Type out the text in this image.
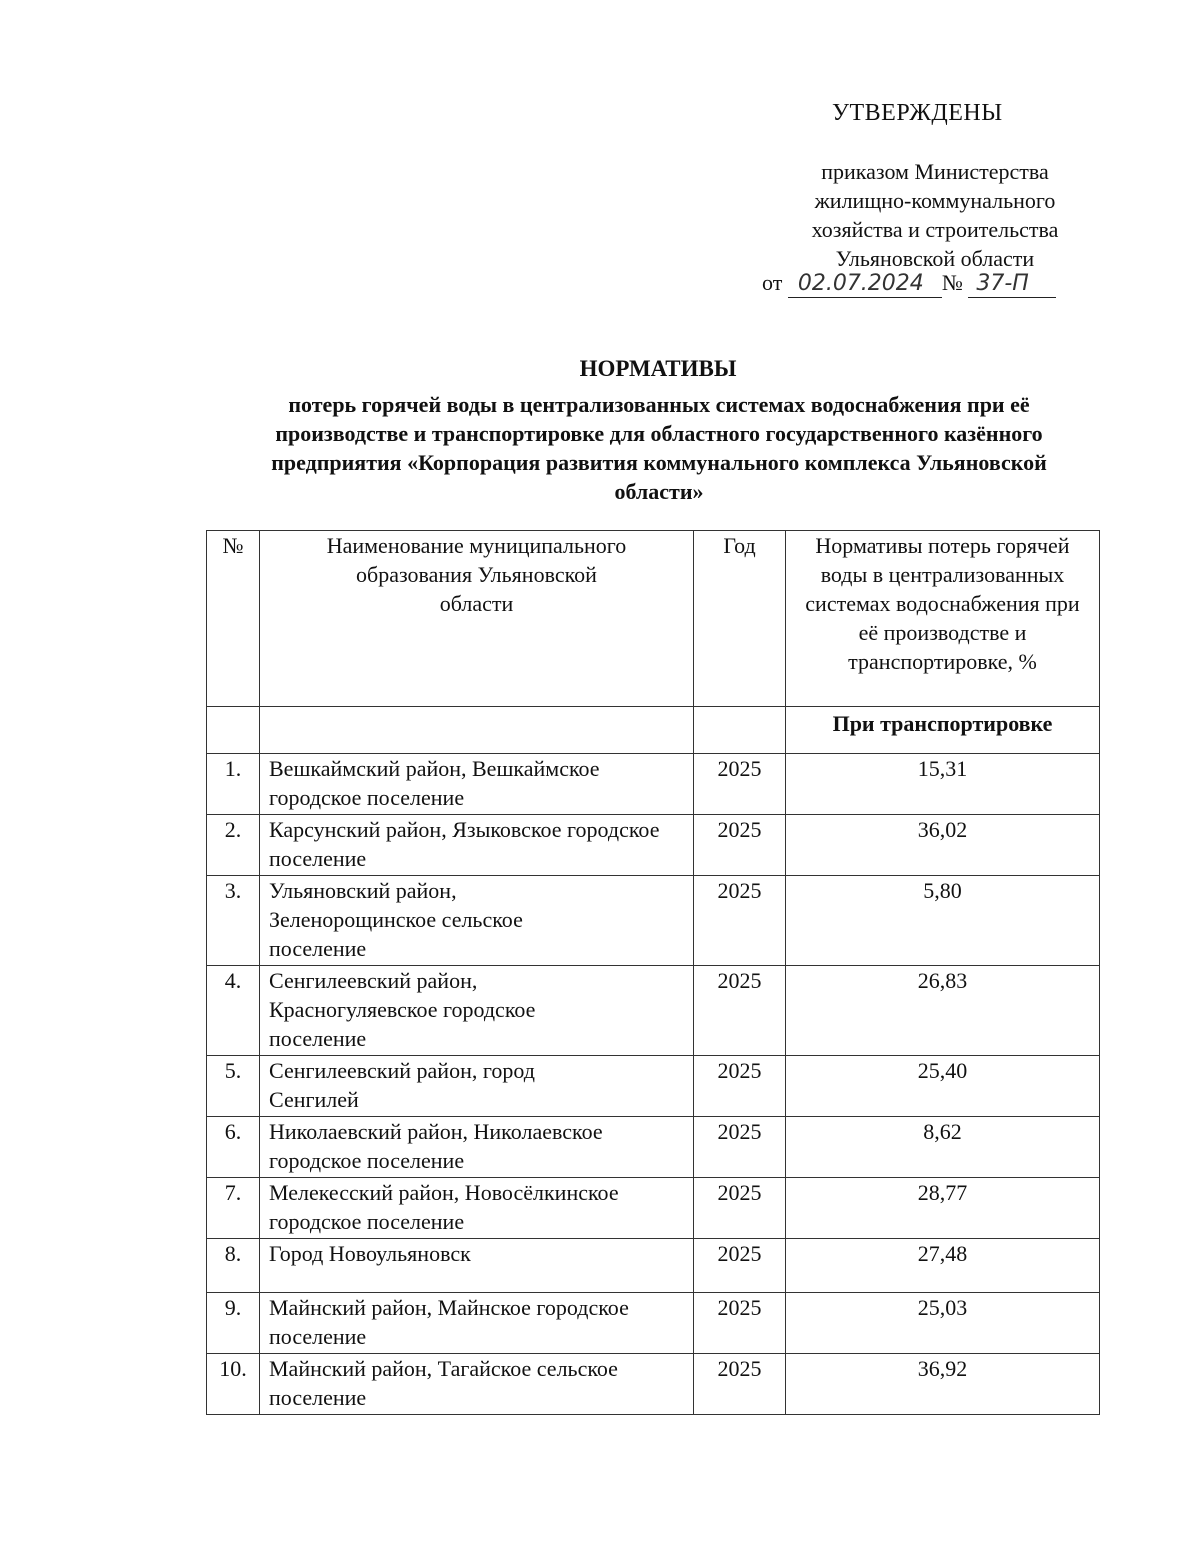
УТВЕРЖДЕНЫ
приказом Министерства
жилищно-коммунального
хозяйства и строительства
Ульяновской области
от 02.07.2024 № 37-П
НОРМАТИВЫ
потерь горячей воды в централизованных системах водоснабжения при её производстве и транспортировке для областного государственного казённого предприятия «Корпорация развития коммунального комплекса Ульяновской области»
№	Наименование муниципального образования Ульяновской области	Год	Нормативы потерь горячей воды в централизованных системах водоснабжения при её производстве и транспортировке, %

			При транспортировке
1.	Вешкаймский район, Вешкаймское городское поселение	2025	15,31
2.	Карсунский район, Языковское городское поселение	2025	36,02
3.	Ульяновский район, Зеленорощинское сельское поселение	2025	5,80
4.	Сенгилеевский район, Красногуляевское городское поселение	2025	26,83
5.	Сенгилеевский район, город Сенгилей	2025	25,40
6.	Николаевский район, Николаевское городское поселение	2025	8,62
7.	Мелекесский район, Новосёлкинское городское поселение	2025	28,77
8.	Город Новоульяновск	2025	27,48
9.	Майнский район, Майнское городское поселение	2025	25,03
10.	Майнский район, Тагайское сельское поселение	2025	36,92
